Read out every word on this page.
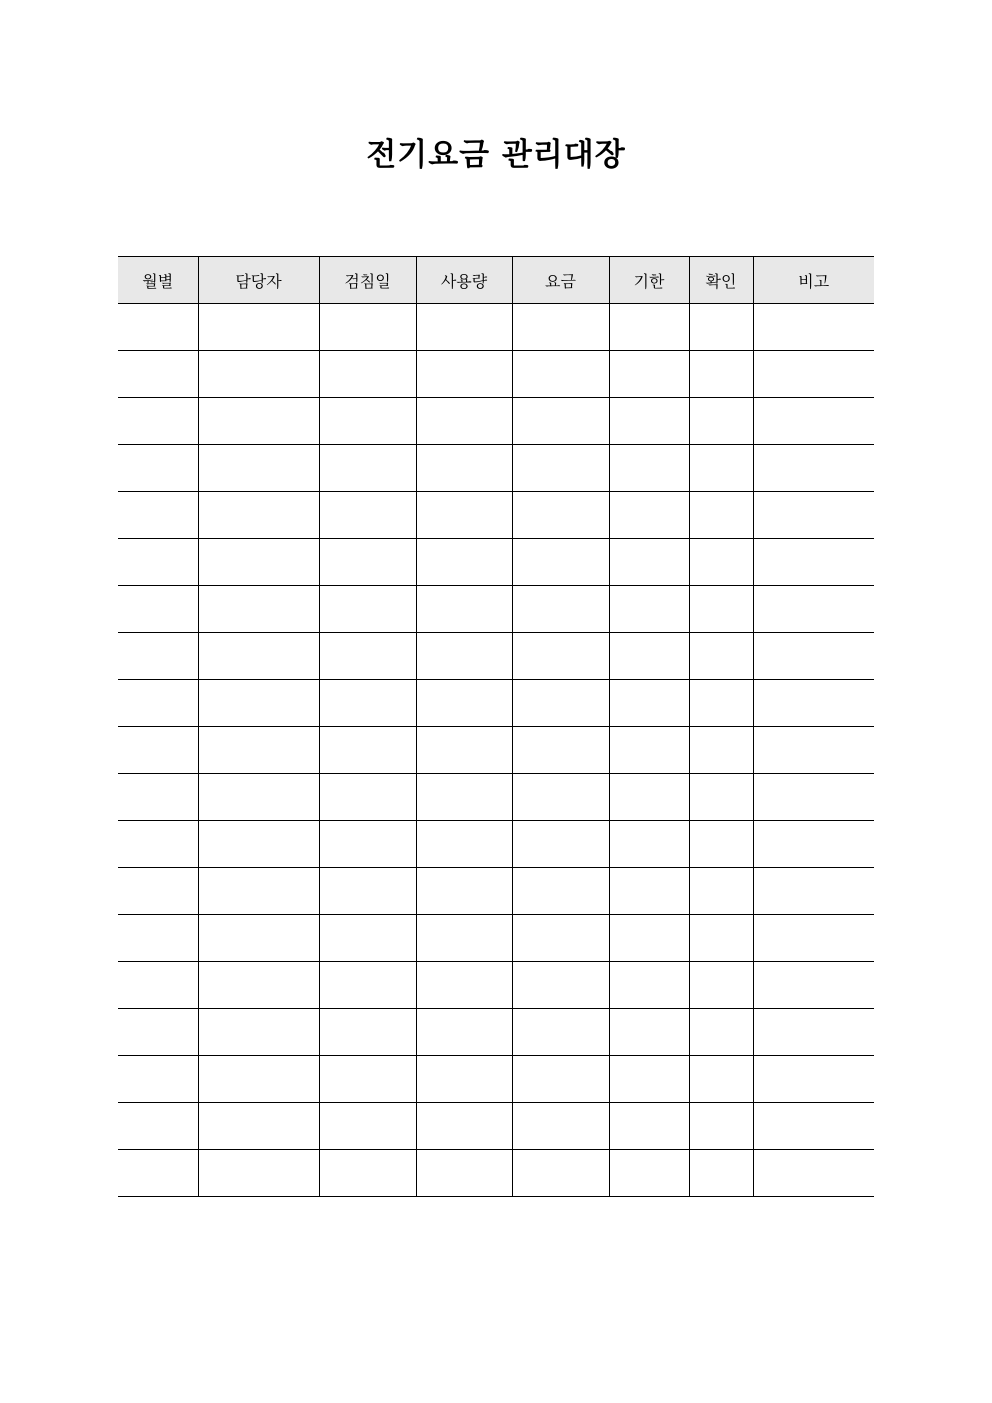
전기요금 관리대장
월별	담당자	검침일	사용량	요금	기한	확인	비고
